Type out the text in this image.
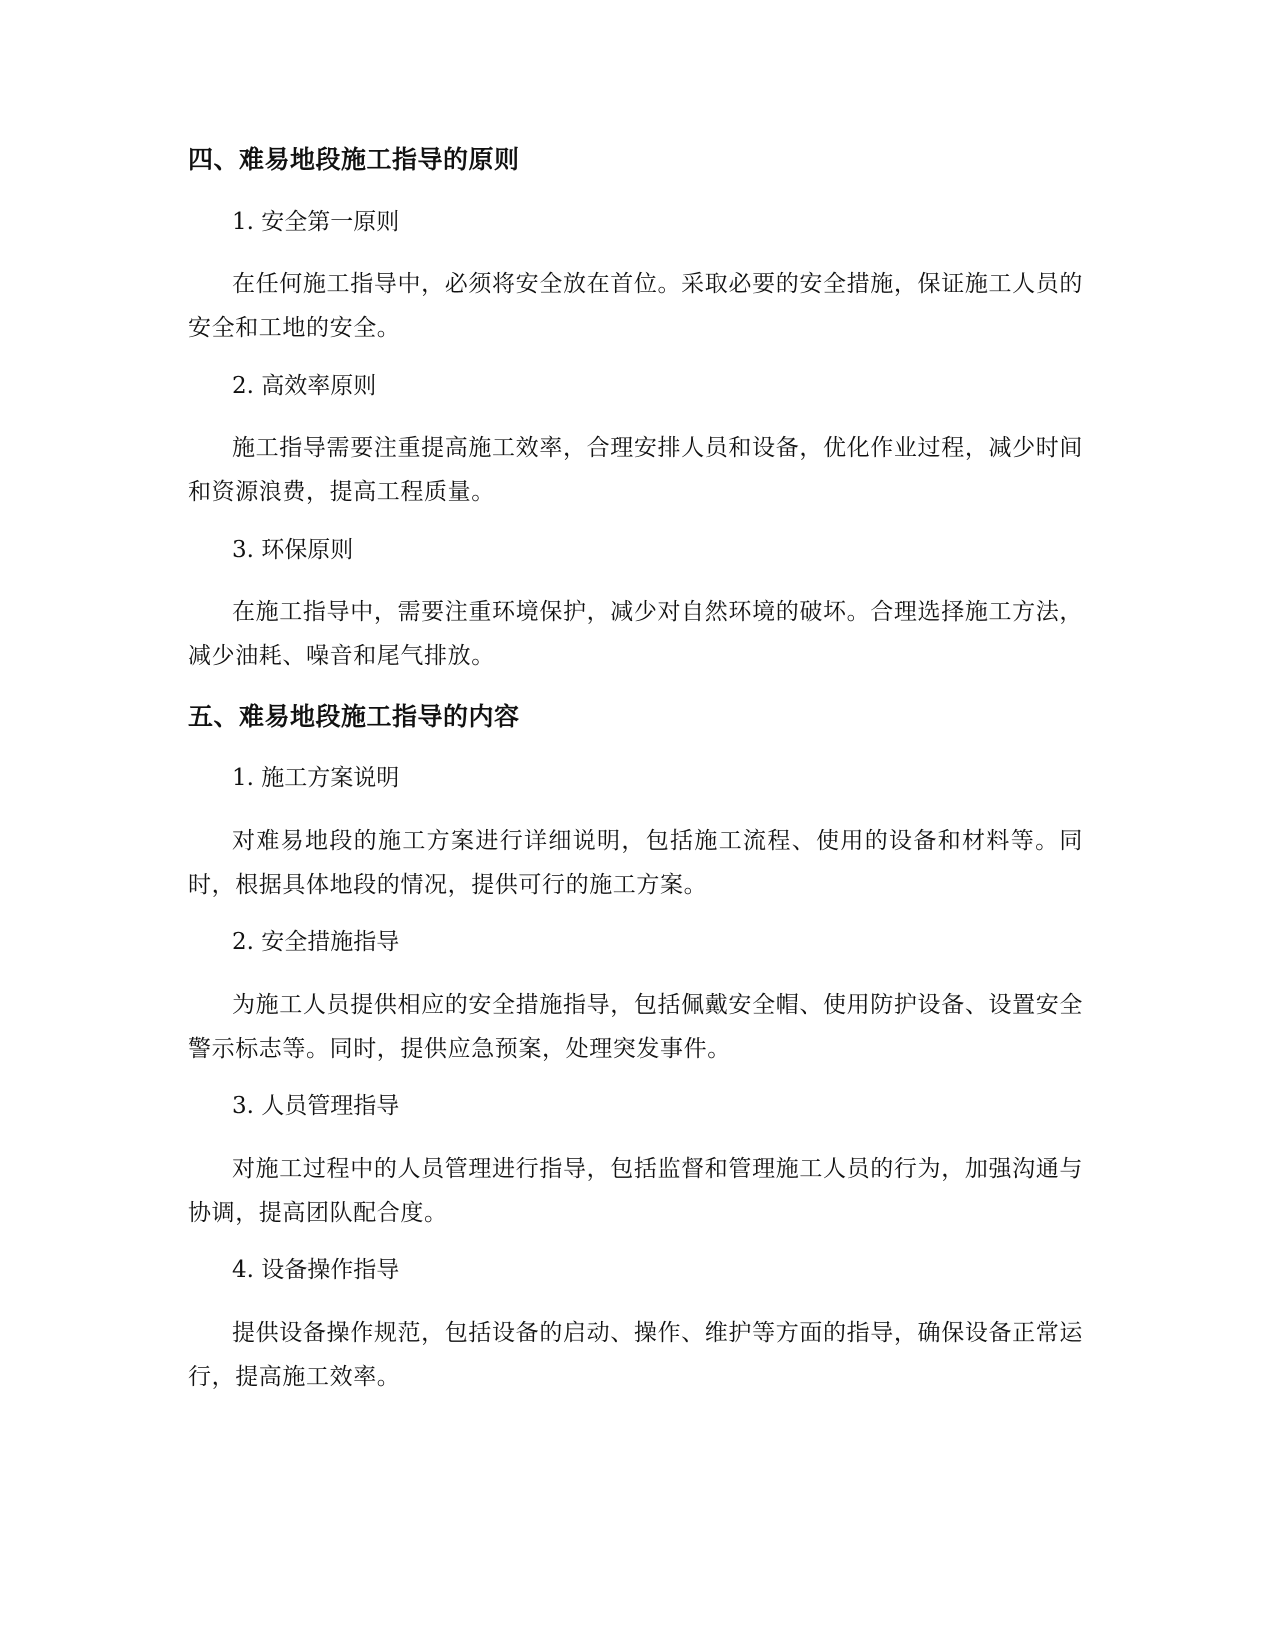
四、难易地段施工指导的原则
1. 安全第一原则
在任何施工指导中，必须将安全放在首位。采取必要的安全措施，保证施工人员的安全和工地的安全。
2. 高效率原则
施工指导需要注重提高施工效率，合理安排人员和设备，优化作业过程，减少时间和资源浪费，提高工程质量。
3. 环保原则
在施工指导中，需要注重环境保护，减少对自然环境的破坏。合理选择施工方法，减少油耗、噪音和尾气排放。
五、难易地段施工指导的内容
1. 施工方案说明
对难易地段的施工方案进行详细说明，包括施工流程、使用的设备和材料等。同时，根据具体地段的情况，提供可行的施工方案。
2. 安全措施指导
为施工人员提供相应的安全措施指导，包括佩戴安全帽、使用防护设备、设置安全警示标志等。同时，提供应急预案，处理突发事件。
3. 人员管理指导
对施工过程中的人员管理进行指导，包括监督和管理施工人员的行为，加强沟通与协调，提高团队配合度。
4. 设备操作指导
提供设备操作规范，包括设备的启动、操作、维护等方面的指导，确保设备正常运行，提高施工效率。
